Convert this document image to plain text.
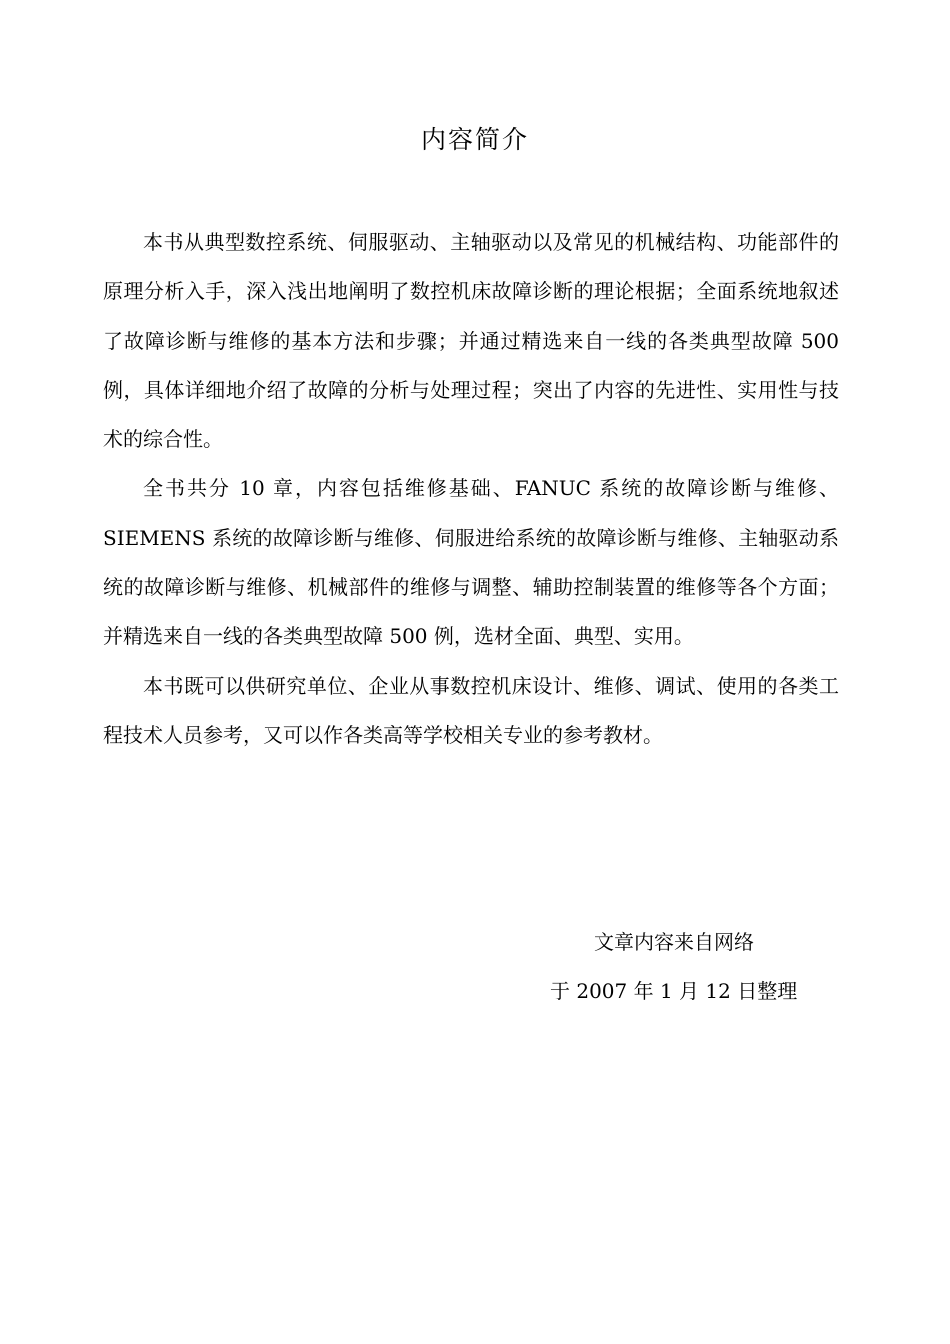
内容简介

本书从典型数控系统、伺服驱动、主轴驱动以及常见的机械结构、功能部件的原理分析入手，深入浅出地阐明了数控机床故障诊断的理论根据；全面系统地叙述了故障诊断与维修的基本方法和步骤；并通过精选来自一线的各类典型故障 500 例，具体详细地介绍了故障的分析与处理过程；突出了内容的先进性、实用性与技术的综合性。

全书共分 10 章，内容包括维修基础、FANUC 系统的故障诊断与维修、SIEMENS 系统的故障诊断与维修、伺服进给系统的故障诊断与维修、主轴驱动系统的故障诊断与维修、机械部件的维修与调整、辅助控制装置的维修等各个方面；并精选来自一线的各类典型故障 500 例，选材全面、典型、实用。

本书既可以供研究单位、企业从事数控机床设计、维修、调试、使用的各类工程技术人员参考，又可以作各类高等学校相关专业的参考教材。

文章内容来自网络
于 2007 年 1 月 12 日整理
